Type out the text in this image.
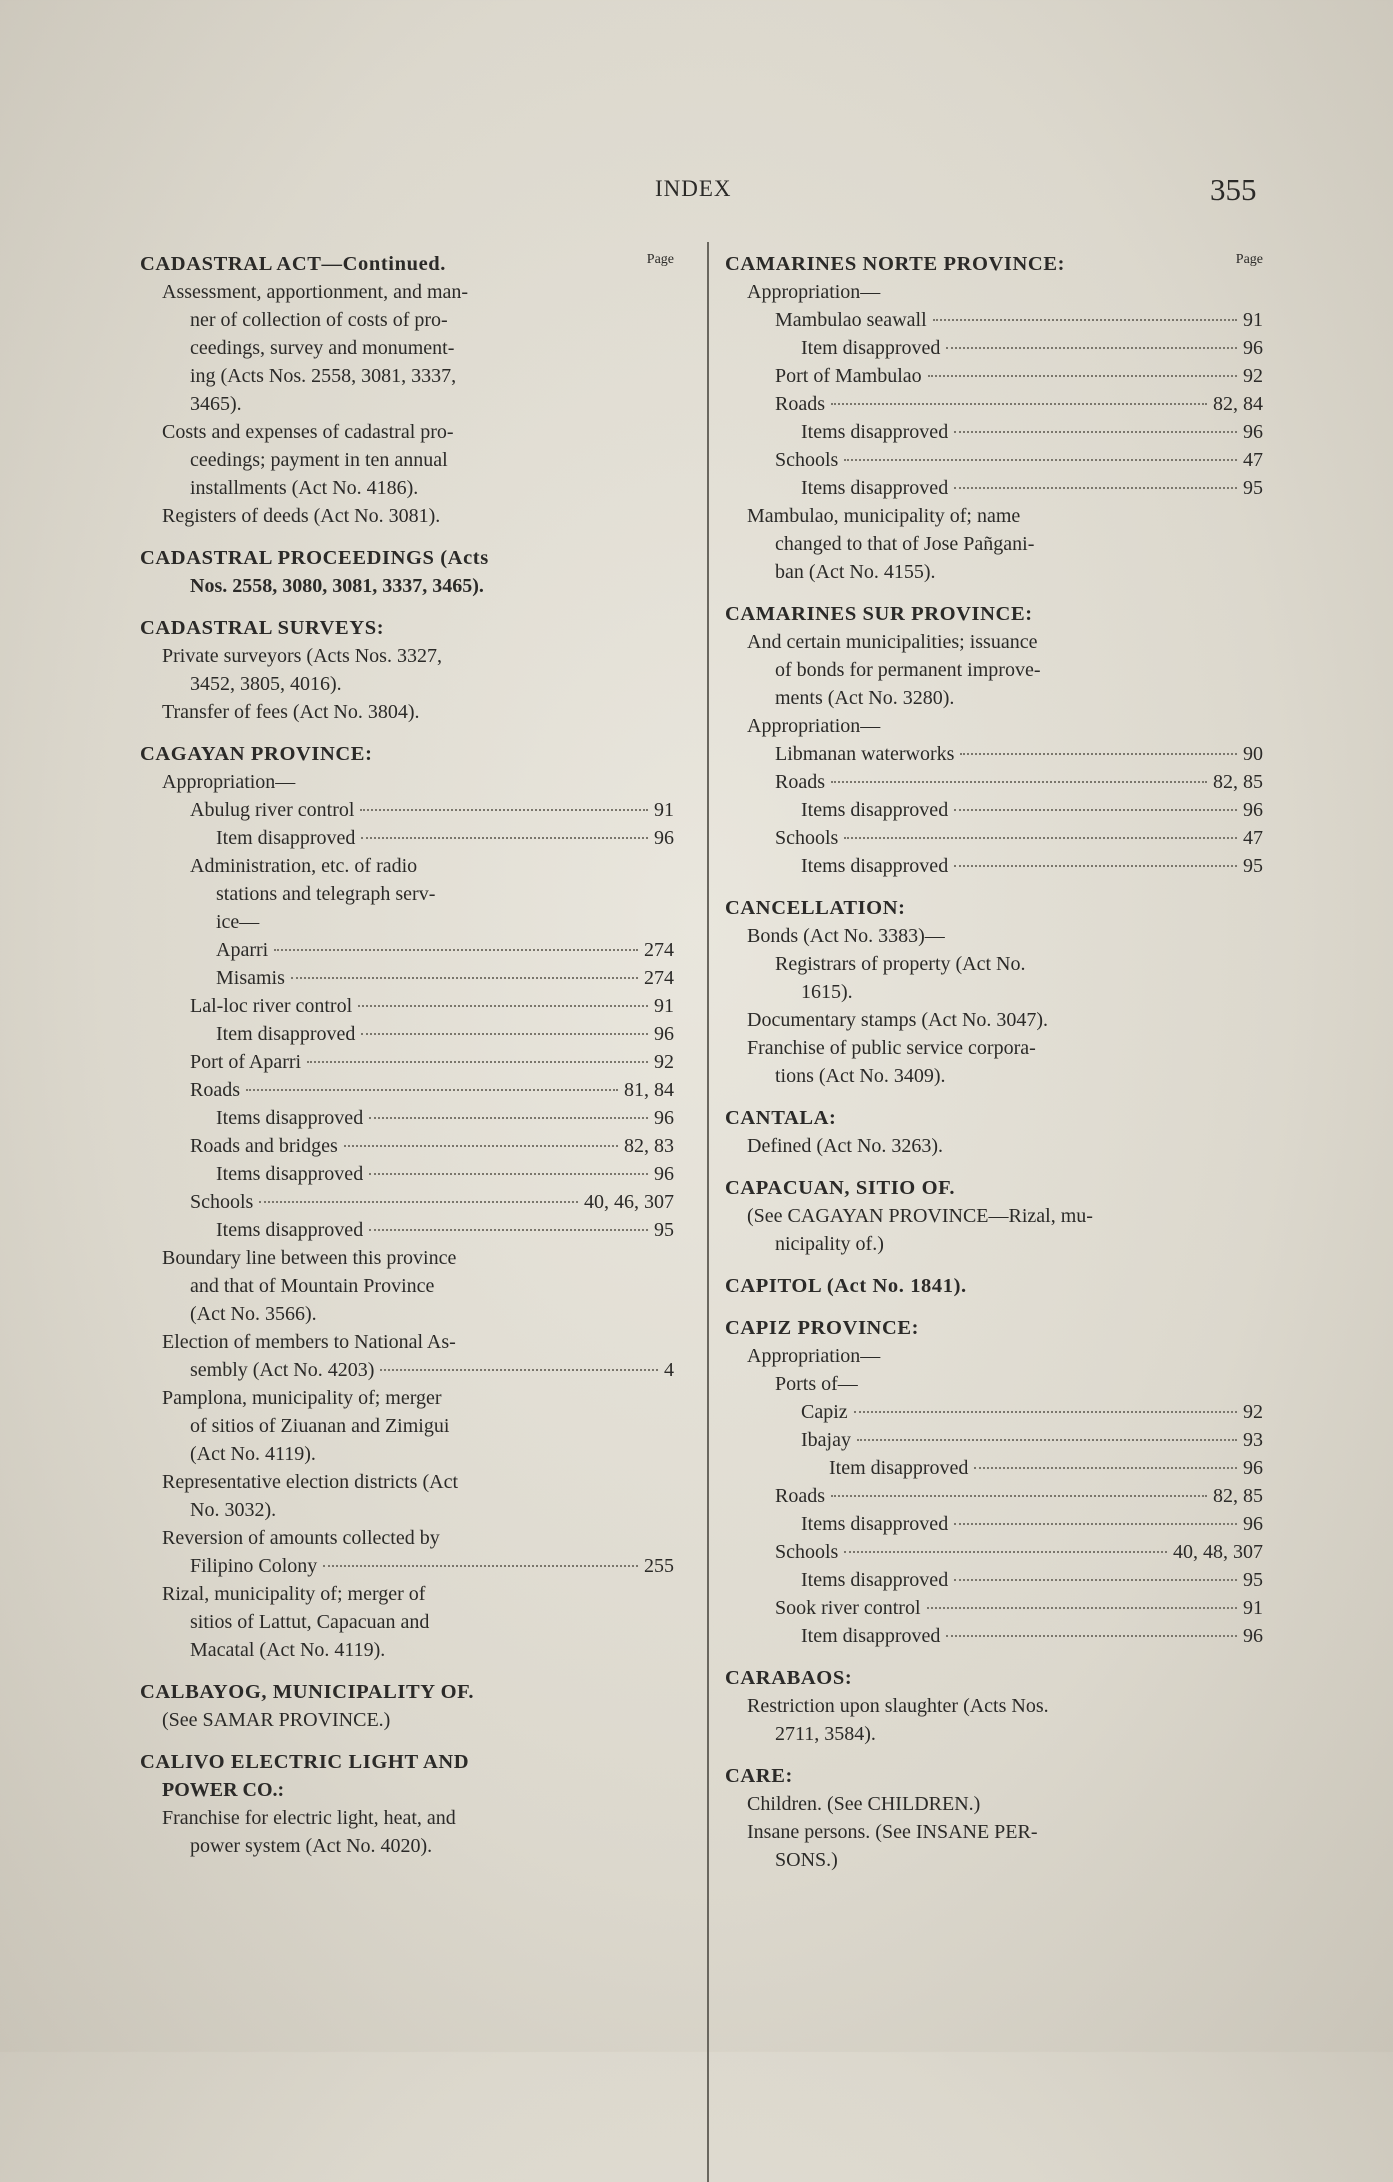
INDEX	355
Page
CADASTRAL ACT—Continued.
Assessment, apportionment, and man-
ner of collection of costs of pro-
ceedings, survey and monument-
ing (Acts Nos. 2558, 3081, 3337,
3465).
Costs and expenses of cadastral pro-
ceedings; payment in ten annual
installments (Act No. 4186).
Registers of deeds (Act No. 3081).
CADASTRAL PROCEEDINGS (Acts
Nos. 2558, 3080, 3081, 3337, 3465).
CADASTRAL SURVEYS:
Private surveyors (Acts Nos. 3327,
3452, 3805, 4016).
Transfer of fees (Act No. 3804).
CAGAYAN PROVINCE:
Appropriation—
Abulug river control	91
Item disapproved	96
Administration, etc. of radio
stations and telegraph serv-
ice—
Aparri	274
Misamis	274
Lal-loc river control	91
Item disapproved	96
Port of Aparri	92
Roads	81, 84
Items disapproved	96
Roads and bridges	82, 83
Items disapproved	96
Schools	40, 46, 307
Items disapproved	95
Boundary line between this province
and that of Mountain Province
(Act No. 3566).
Election of members to National As-
sembly (Act No. 4203)	4
Pamplona, municipality of; merger
of sitios of Ziuanan and Zimigui
(Act No. 4119).
Representative election districts (Act
No. 3032).
Reversion of amounts collected by
Filipino Colony	255
Rizal, municipality of; merger of
sitios of Lattut, Capacuan and
Macatal (Act No. 4119).
CALBAYOG, MUNICIPALITY OF.
(See SAMAR PROVINCE.)
CALIVO ELECTRIC LIGHT AND
POWER CO.:
Franchise for electric light, heat, and
power system (Act No. 4020).
Page
CAMARINES NORTE PROVINCE:
Appropriation—
Mambulao seawall	91
Item disapproved	96
Port of Mambulao	92
Roads	82, 84
Items disapproved	96
Schools	47
Items disapproved	95
Mambulao, municipality of; name
changed to that of Jose Pañgani-
ban (Act No. 4155).
CAMARINES SUR PROVINCE:
And certain municipalities; issuance
of bonds for permanent improve-
ments (Act No. 3280).
Appropriation—
Libmanan waterworks	90
Roads	82, 85
Items disapproved	96
Schools	47
Items disapproved	95
CANCELLATION:
Bonds (Act No. 3383)—
Registrars of property (Act No.
1615).
Documentary stamps (Act No. 3047).
Franchise of public service corpora-
tions (Act No. 3409).
CANTALA:
Defined (Act No. 3263).
CAPACUAN, SITIO OF.
(See CAGAYAN PROVINCE—Rizal, mu-
nicipality of.)
CAPITOL (Act No. 1841).
CAPIZ PROVINCE:
Appropriation—
Ports of—
Capiz	92
Ibajay	93
Item disapproved	96
Roads	82, 85
Items disapproved	96
Schools	40, 48, 307
Items disapproved	95
Sook river control	91
Item disapproved	96
CARABAOS:
Restriction upon slaughter (Acts Nos.
2711, 3584).
CARE:
Children. (See CHILDREN.)
Insane persons. (See INSANE PER-
SONS.)
